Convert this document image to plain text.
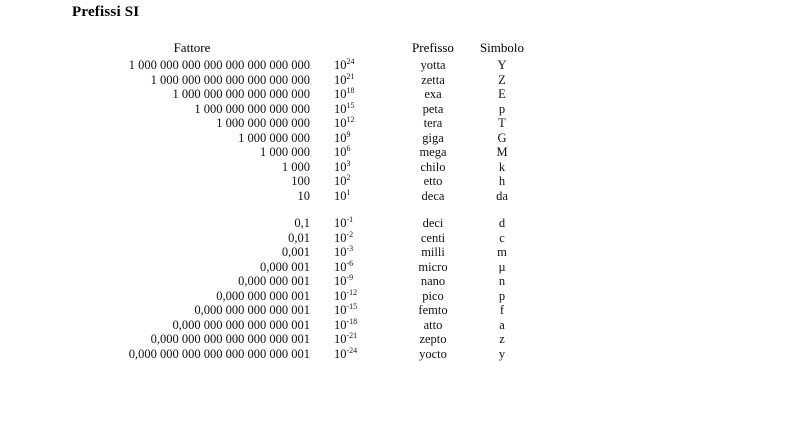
Prefissi SI
Fattore		Prefisso	Simbolo
1 000 000 000 000 000 000 000 000	$10^{24}$	yotta	Y
1 000 000 000 000 000 000 000	$10^{21}$	zetta	Z
1 000 000 000 000 000 000	$10^{18}$	exa	E
1 000 000 000 000 000	$10^{15}$	peta	p
1 000 000 000 000	$10^{12}$	tera	T
1 000 000 000	$10^9$	giga	G
1 000 000	$10^6$	mega	M
1 000	$10^3$	chilo	k
100	$10^2$	etto	h
10	$10^1$	deca	da

0,1	$10^{-1}$	deci	d
0,01	$10^{-2}$	centi	c
0,001	$10^{-3}$	milli	m
0,000 001	$10^{-6}$	micro	µ
0,000 000 001	$10^{-9}$	nano	n
0,000 000 000 001	$10^{-12}$	pico	p
0,000 000 000 000 001	$10^{-15}$	femto	f
0,000 000 000 000 000 001	$10^{-18}$	atto	a
0,000 000 000 000 000 000 001	$10^{-21}$	zepto	z
0,000 000 000 000 000 000 000 001	$10^{-24}$	yocto	y
